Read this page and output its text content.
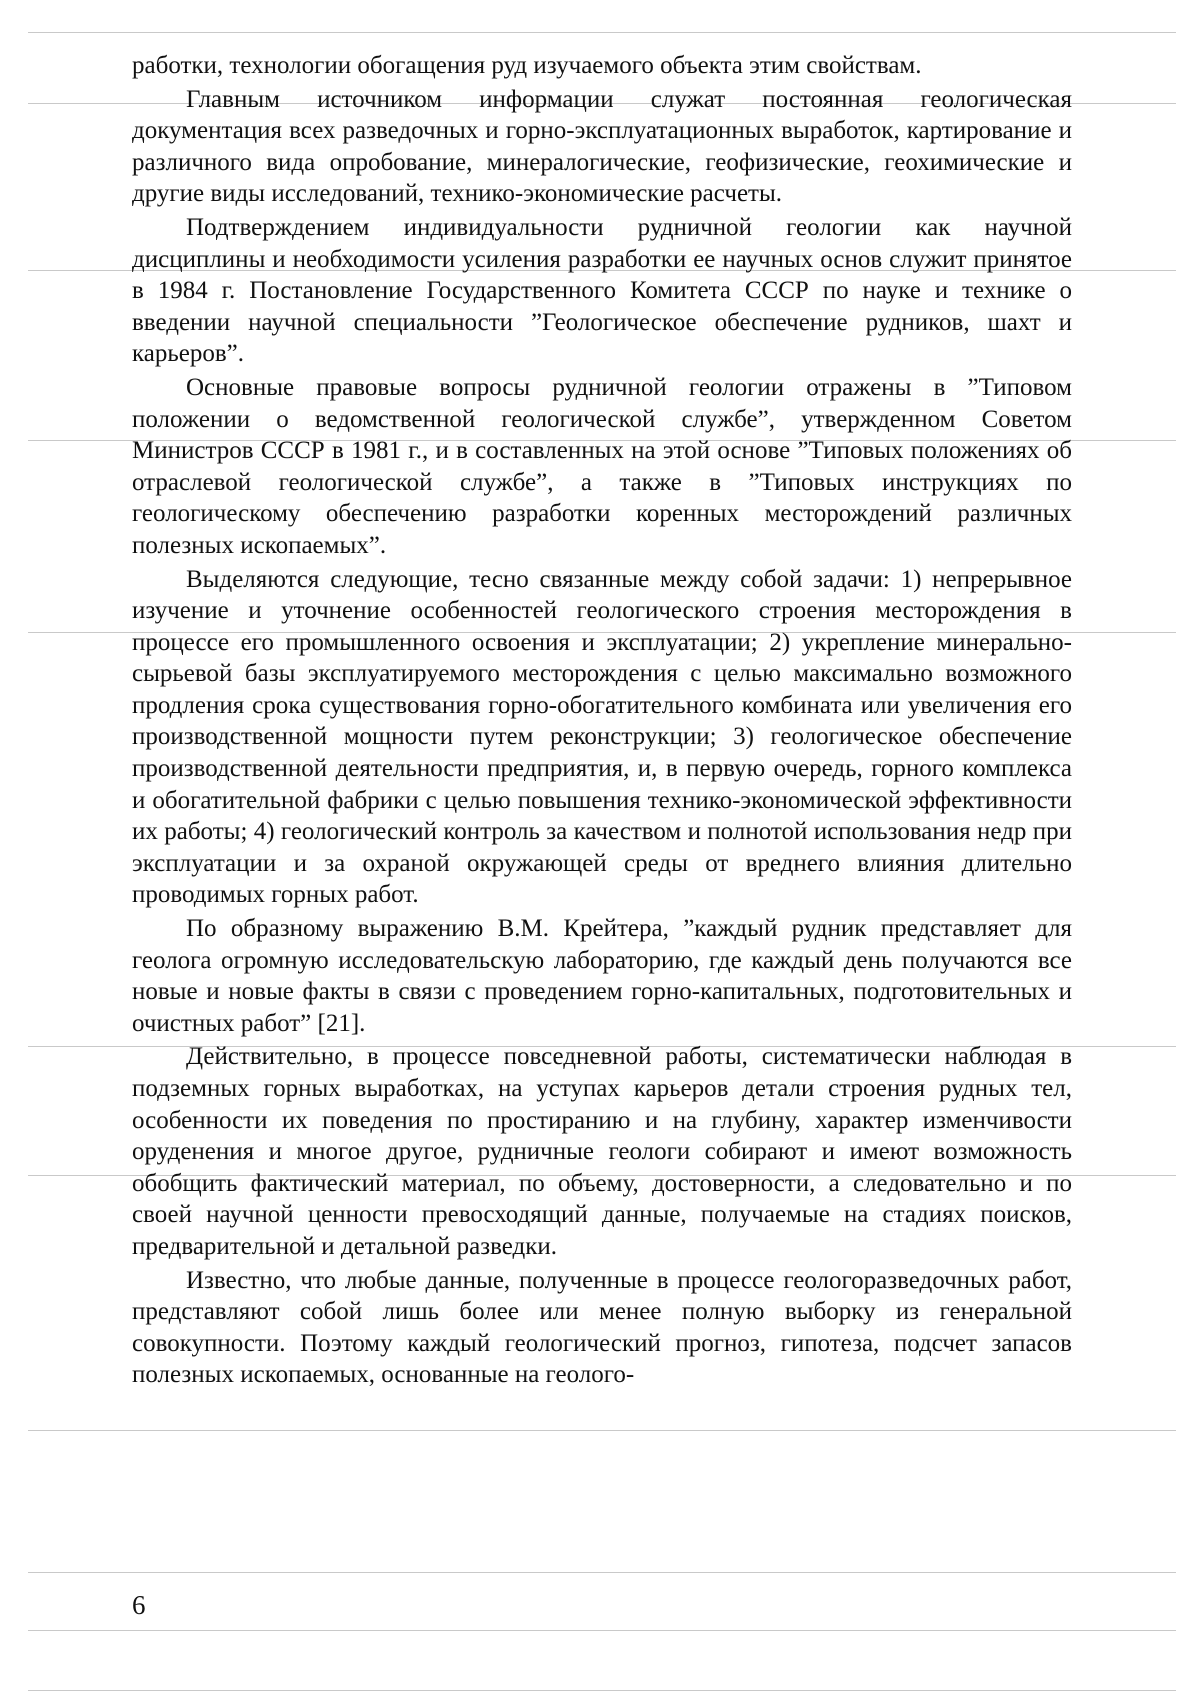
работки, технологии обогащения руд изучаемого объекта этим свойствам.

Главным источником информации служат постоянная геологическая документация всех разведочных и горно-эксплуатационных выработок, картирование и различного вида опробование, минералогические, геофизические, геохимические и другие виды исследований, технико-экономические расчеты.

Подтверждением индивидуальности рудничной геологии как научной дисциплины и необходимости усиления разработки ее научных основ служит принятое в 1984 г. Постановление Государственного Комитета СССР по науке и технике о введении научной специальности ”Геологическое обеспечение рудников, шахт и карьеров”.

Основные правовые вопросы рудничной геологии отражены в ”Типовом положении о ведомственной геологической службе”, утвержденном Советом Министров СССР в 1981 г., и в составленных на этой основе ”Типовых положениях об отраслевой геологической службе”, а также в ”Типовых инструкциях по геологическому обеспечению разработки коренных месторождений различных полезных ископаемых”.

Выделяются следующие, тесно связанные между собой задачи: 1) непрерывное изучение и уточнение особенностей геологического строения месторождения в процессе его промышленного освоения и эксплуатации; 2) укрепление минерально-сырьевой базы эксплуатируемого месторождения с целью максимально возможного продления срока существования горно-обогатительного комбината или увеличения его производственной мощности путем реконструкции; 3) геологическое обеспечение производственной деятельности предприятия, и, в первую очередь, горного комплекса и обогатительной фабрики с целью повышения технико-экономической эффективности их работы; 4) геологический контроль за качеством и полнотой использования недр при эксплуатации и за охраной окружающей среды от вреднего влияния длительно проводимых горных работ.

По образному выражению В.М. Крейтера, ”каждый рудник представляет для геолога огромную исследовательскую лабораторию, где каждый день получаются все новые и новые факты в связи с проведением горно-капитальных, подготовительных и очистных работ” [21].

Действительно, в процессе повседневной работы, систематически наблюдая в подземных горных выработках, на уступах карьеров детали строения рудных тел, особенности их поведения по простиранию и на глубину, характер изменчивости оруденения и многое другое, рудничные геологи собирают и имеют возможность обобщить фактический материал, по объему, достоверности, а следовательно и по своей научной ценности превосходящий данные, получаемые на стадиях поисков, предварительной и детальной разведки.

Известно, что любые данные, полученные в процессе геологоразведочных работ, представляют собой лишь более или менее полную выборку из генеральной совокупности. Поэтому каждый геологический прогноз, гипотеза, подсчет запасов полезных ископаемых, основанные на геолого-

6
